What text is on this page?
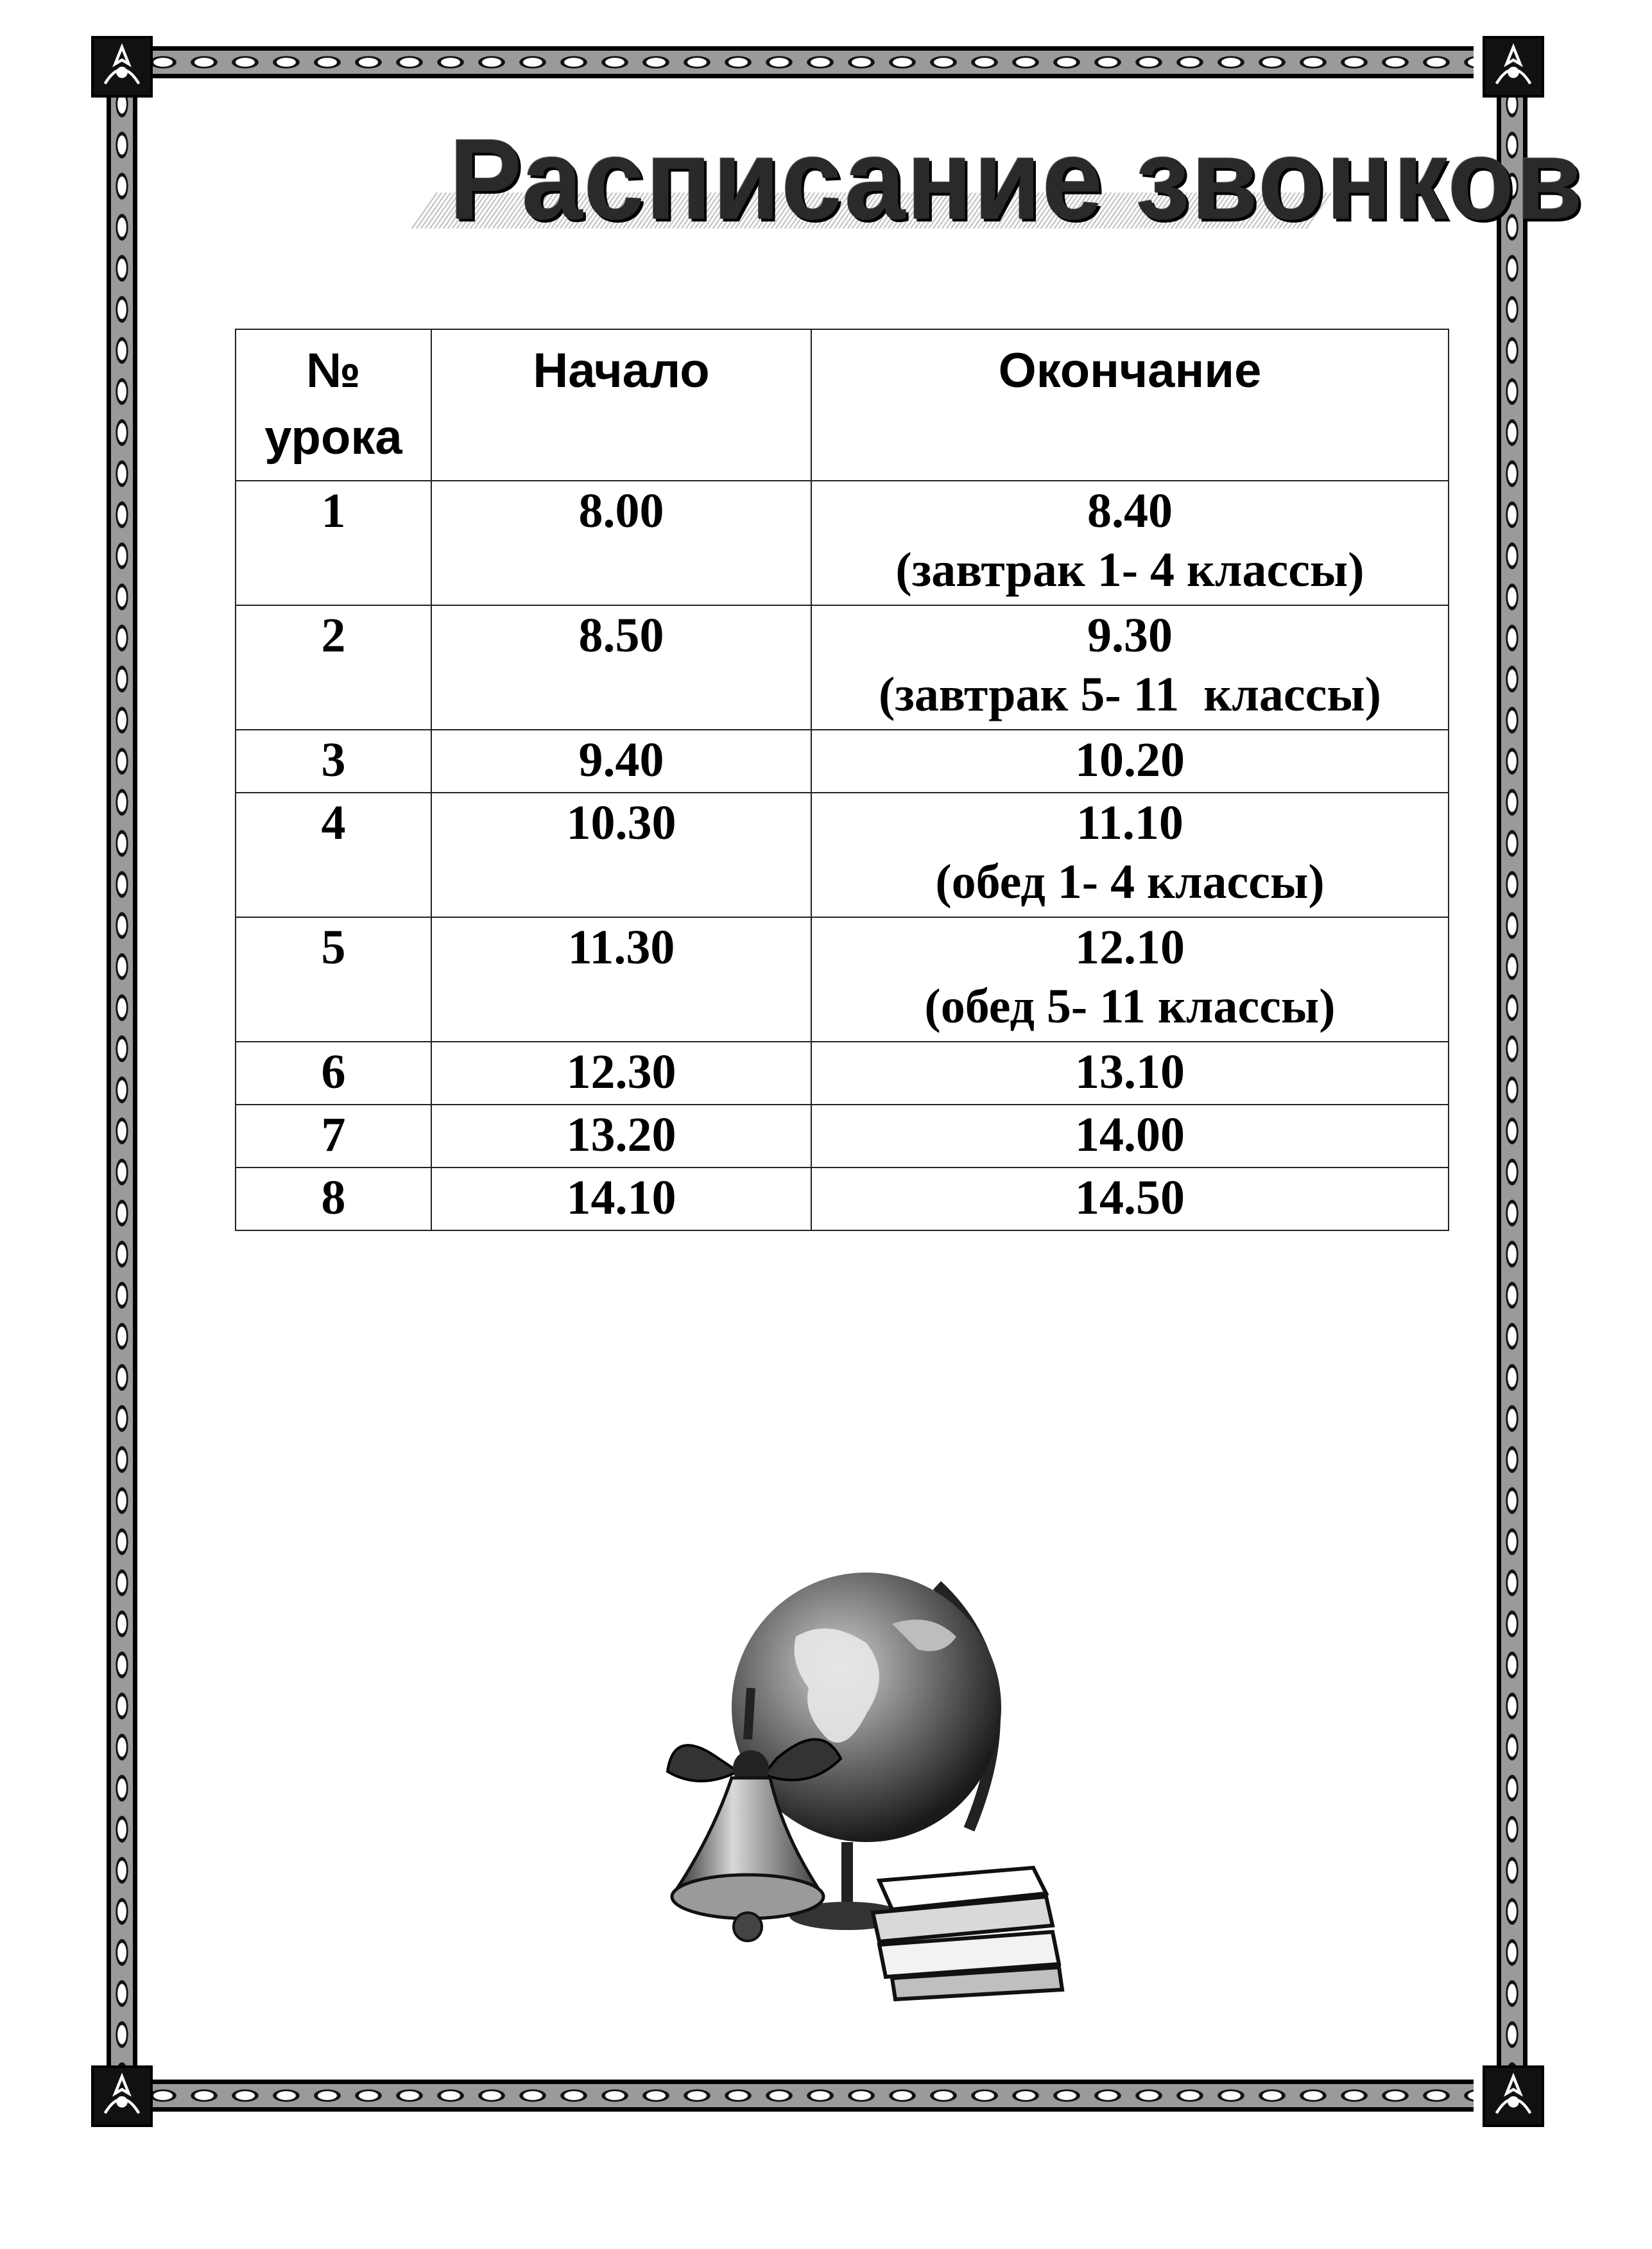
Расписание звонков
№ урока	Начало	Окончание
1	8.00	8.40
(завтрак 1- 4 классы)

2	8.50	9.30
(завтрак 5- 11  классы)

3	9.40	10.20
4	10.30	11.10
(обед 1- 4 классы)

5	11.30	12.10
(обед 5- 11 классы)

6	12.30	13.10
7	13.20	14.00
8	14.10	14.50
